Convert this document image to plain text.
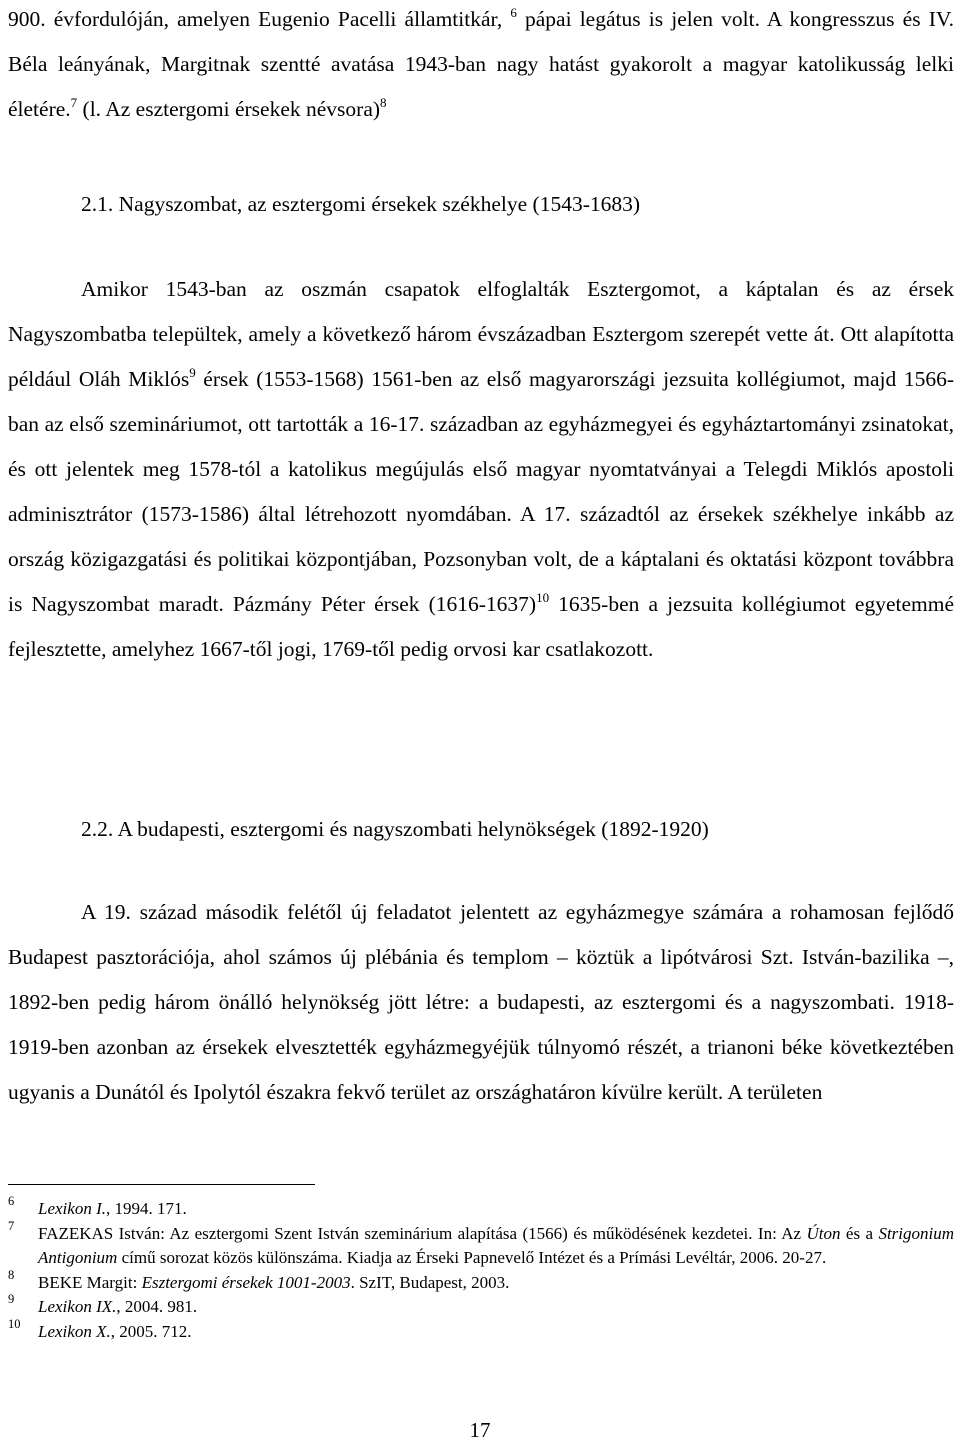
900. évfordulóján, amelyen Eugenio Pacelli államtitkár, $^6$ pápai legátus is jelen volt. A kongresszus és IV. Béla leányának, Margitnak szentté avatása 1943-ban nagy hatást gyakorolt a magyar katolikusság lelki életére.$^7$ (l. Az esztergomi érsekek névsora)$^8$

2.1. Nagyszombat, az esztergomi érsekek székhelye (1543-1683)

Amikor 1543-ban az oszmán csapatok elfoglalták Esztergomot, a káptalan és az érsek Nagyszombatba települtek, amely a következő három évszázadban Esztergom szerepét vette át. Ott alapította például Oláh Miklós$^9$ érsek (1553-1568) 1561-ben az első magyarországi jezsuita kollégiumot, majd 1566-ban az első szemináriumot, ott tartották a 16-17. században az egyházmegyei és egyháztartományi zsinatokat, és ott jelentek meg 1578-tól a katolikus megújulás első magyar nyomtatványai a Telegdi Miklós apostoli adminisztrátor (1573-1586) által létrehozott nyomdában. A 17. századtól az érsekek székhelye inkább az ország közigazgatási és politikai központjában, Pozsonyban volt, de a káptalani és oktatási központ továbbra is Nagyszombat maradt. Pázmány Péter érsek (1616-1637)$^{10}$ 1635-ben a jezsuita kollégiumot egyetemmé fejlesztette, amelyhez 1667-től jogi, 1769-től pedig orvosi kar csatlakozott.

2.2. A budapesti, esztergomi és nagyszombati helynökségek (1892-1920)

A 19. század második felétől új feladatot jelentett az egyházmegye számára a rohamosan fejlődő Budapest pasztorációja, ahol számos új plébánia és templom – köztük a lipótvárosi Szt. István-bazilika –, 1892-ben pedig három önálló helynökség jött létre: a budapesti, az esztergomi és a nagyszombati. 1918-1919-ben azonban az érsekek elvesztették egyházmegyéjük túlnyomó részét, a trianoni béke következtében ugyanis a Dunától és Ipolytól északra fekvő terület az országhatáron kívülre került. A területen

6 Lexikon I., 1994. 171.

7 FAZEKAS István: Az esztergomi Szent István szeminárium alapítása (1566) és működésének kezdetei. In: Az Úton és a Strigonium Antigonium című sorozat közös különszáma. Kiadja az Érseki Papnevelő Intézet és a Prímási Levéltár, 2006. 20-27.

8 BEKE Margit: Esztergomi érsekek 1001-2003. SzIT, Budapest, 2003.

9 Lexikon IX., 2004. 981.

10 Lexikon X., 2005. 712.

17
